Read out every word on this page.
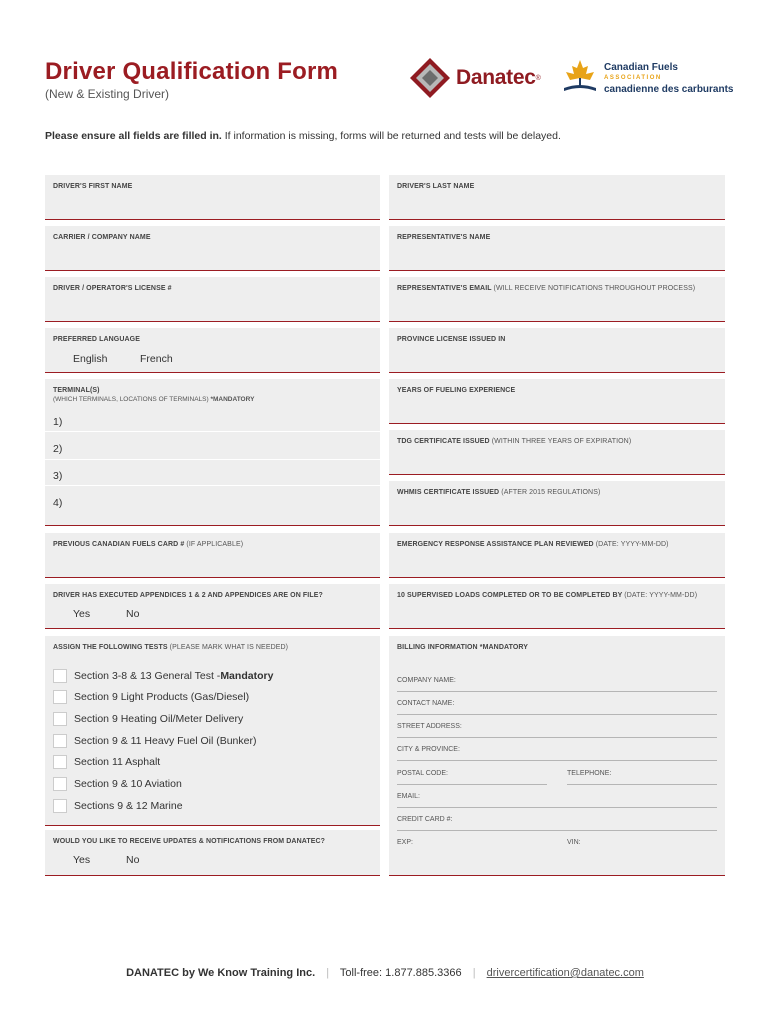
Driver Qualification Form
(New & Existing Driver)
Danatec ®
Canadian Fuels
ASSOCIATION
canadienne des carburants
Please ensure all fields are filled in. If information is missing, forms will be returned and tests will be delayed.
DRIVER'S FIRST NAME	DRIVER'S LAST NAME
CARRIER / COMPANY NAME	REPRESENTATIVE'S NAME
DRIVER / OPERATOR'S LICENSE #	REPRESENTATIVE'S EMAIL (WILL RECEIVE NOTIFICATIONS THROUGHOUT PROCESS)
PREFERRED LANGUAGE
English	French
PROVINCE LICENSE ISSUED IN
TERMINAL(S)
(WHICH TERMINALS, LOCATIONS OF TERMINALS) *MANDATORY
1)
2)
3)
4)
YEARS OF FUELING EXPERIENCE
TDG CERTIFICATE ISSUED (WITHIN THREE YEARS OF EXPIRATION)
WHMIS CERTIFICATE ISSUED (AFTER 2015 REGULATIONS)
PREVIOUS CANADIAN FUELS CARD # (IF APPLICABLE)	EMERGENCY RESPONSE ASSISTANCE PLAN REVIEWED (DATE: YYYY-MM-DD)
DRIVER HAS EXECUTED APPENDICES 1 & 2 AND APPENDICES ARE ON FILE?
Yes	No
10 SUPERVISED LOADS COMPLETED OR TO BE COMPLETED BY (DATE: YYYY-MM-DD)
ASSIGN THE FOLLOWING TESTS (PLEASE MARK WHAT IS NEEDED)
Section 3-8 & 13 General Test - Mandatory
Section 9 Light Products (Gas/Diesel)
Section 9 Heating Oil/Meter Delivery
Section 9 & 11 Heavy Fuel Oil (Bunker)
Section 11 Asphalt
Section 9 & 10 Aviation
Sections 9 & 12 Marine
BILLING INFORMATION *MANDATORY
COMPANY NAME:
CONTACT NAME:
STREET ADDRESS:
CITY & PROVINCE:
POSTAL CODE:	TELEPHONE:
EMAIL:
CREDIT CARD #:
EXP:	VIN:
WOULD YOU LIKE TO RECEIVE UPDATES & NOTIFICATIONS FROM DANATEC?
Yes	No
DANATEC by We Know Training Inc. | Toll-free: 1.877.885.3366 | drivercertification@danatec.com
